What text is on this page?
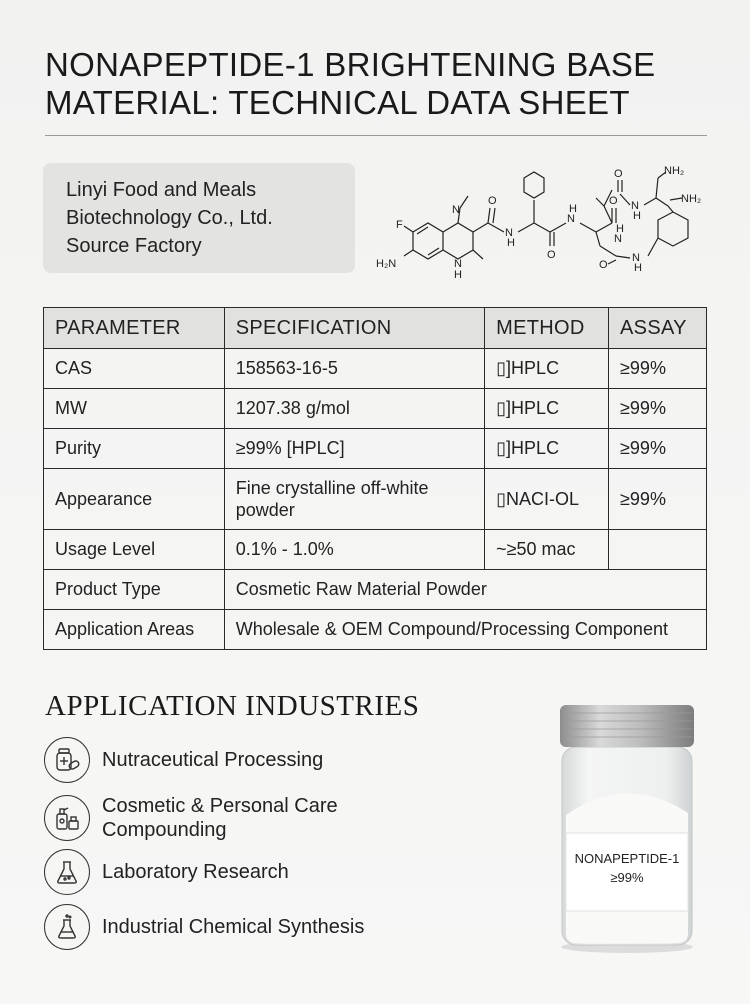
NONAPEPTIDE-1 BRIGHTENING BASE
MATERIAL: TECHNICAL DATA SHEET
Linyi Food and Meals
Biotechnology Co., Ltd.
Source Factory
F
H₂N
N
N
H
O
N
H
O
N
H
O
O
N
H
NH₂
NH₂
N
H
O
N
H
PARAMETER	SPECIFICATION	METHOD	ASSAY
CAS	158563-16-5	▯]HPLC	≥99%
MW	1207.38 g/mol	▯]HPLC	≥99%
Purity	≥99% [HPLC]	▯]HPLC	≥99%
Appearance	Fine crystalline off-white powder	▯NACI-OL	≥99%
Usage Level	0.1% - 1.0%	~≥50 mac	
Product Type	Cosmetic Raw Material Powder		
Application Areas	Wholesale & OEM Compound/Processing Component		
APPLICATION INDUSTRIES
Nutraceutical Processing
Cosmetic & Personal Care
Compounding
Laboratory Research
Industrial Chemical Synthesis
NONAPEPTIDE-1
≥99%
